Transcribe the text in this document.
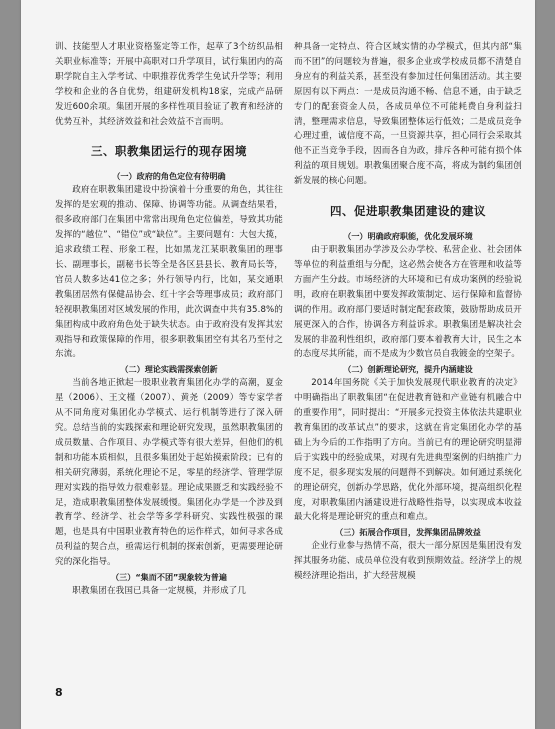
训、技能型人才职业资格鉴定等工作，起草了3个纺织品相关职业标准等；开展中高职对口升学项目，试行集团内的高职学院自主入学考试、中职推荐优秀学生免试升学等；利用学校和企业的各自优势，组建研发机构18家，完成产品研发近600余项。集团开展的多样性项目验证了教育和经济的优势互补，其经济效益和社会效益不言而明。

三、职教集团运行的现存困境
（一）政府的角色定位有待明确

政府在职教集团建设中扮演着十分重要的角色，其往往发挥的是宏观的推动、保障、协调等功能。从调查结果看，很多政府部门在集团中常常出现角色定位偏差，导致其功能发挥的“越位”、“错位”或“缺位”。主要问题有：大包大揽，追求政绩工程、形象工程，比如黑龙江某职教集团的理事长、副理事长，副秘书长等全是各区县县长、教育局长等，官员人数多达41位之多；外行领导内行，比如，某交通职教集团居然有保健品协会、红十字会等理事成员；政府部门轻视职教集团对区域发展的作用，此次调查中共有35.8%的集团构成中政府角色处于缺失状态。由于政府没有发挥其宏观指导和政策保障的作用，很多职教集团空有其名乃至付之东流。

（二）理论实践需探索创新

当前各地正掀起一股职业教育集团化办学的高潮，夏金星（2006）、王文槿（2007）、黄尧（2009）等专家学者从不同角度对集团化办学模式、运行机制等进行了深入研究。总结当前的实践探索和理论研究发现，虽然职教集团的成员数量、合作项目、办学模式等有很大差异，但他们的机制和功能本质相似，且很多集团处于起始摸索阶段；已有的相关研究薄弱，系统化理论不足，零星的经济学、管理学原理对实践的指导效力很难彰显。理论成果匮乏和实践经验不足，造成职教集团整体发展缓慢。集团化办学是一个涉及到教育学、经济学、社会学等多学科研究、实践性极强的课题，也是具有中国职业教育特色的运作样式，如何寻求各成员利益的契合点，亟需运行机制的探索创新，更需要理论研究的深化指导。

（三）“集而不团”现象较为普遍

职教集团在我国已具备一定规模，并形成了几

种具备一定特点、符合区域实情的办学模式，但其内部“集而不团”的问题较为普遍，很多企业或学校成员都不清楚自身应有的利益关系，甚至没有参加过任何集团活动。其主要原因有以下两点：一是成员沟通不畅、信息不通，由于缺乏专门的配套资金人员，各成员单位不可能耗费自身利益扫清，整理需求信息，导致集团整体运行低效；二是成员竞争心理过重，诚信度不高，一旦资源共享，担心同行会采取其他不正当竞争手段，因而各自为政，排斥各种可能有损个体利益的项目规划。职教集团聚合度不高，将成为制约集团创新发展的核心问题。

四、促进职教集团建设的建议
（一）明确政府职能，优化发展环境

由于职教集团办学涉及公办学校、私营企业、社会团体等单位的利益重组与分配，这必然会使各方在管理和收益等方面产生分歧。市场经济的大环境和已有成功案例的经验说明，政府在职教集团中要发挥政策制定、运行保障和监督协调的作用。政府部门要适时制定配套政策，鼓励帮助成员开展更深入的合作，协调各方利益诉求。职教集团是解决社会发展的非盈利性组织，政府部门要本着教育大计，民生之本的态度尽其所能，而不是成为少数官员自我镀金的空架子。

（二）创新理论研究，提升内涵建设

2014年国务院《关于加快发展现代职业教育的决定》中明确指出了职教集团“在促进教育链和产业链有机融合中的重要作用”，同时提出：“开展多元投资主体依法共建职业教育集团的改革试点”的要求，这就在肯定集团化办学的基础上为今后的工作指明了方向。当前已有的理论研究明显滞后于实践中的经验成果，对现有先进典型案例的归纳推广力度不足，很多现实发展的问题得不到解决。如何通过系统化的理论研究，创新办学思路，优化外部环境，提高组织化程度，对职教集团内涵建设进行战略性指导，以实现成本收益最大化将是理论研究的重点和难点。

（三）拓展合作项目，发挥集团品牌效益

企业行业参与热情不高，很大一部分原因是集团没有发挥其服务功能、成员单位没有收到预期效益。经济学上的规模经济理论指出，扩大经营规模

8
